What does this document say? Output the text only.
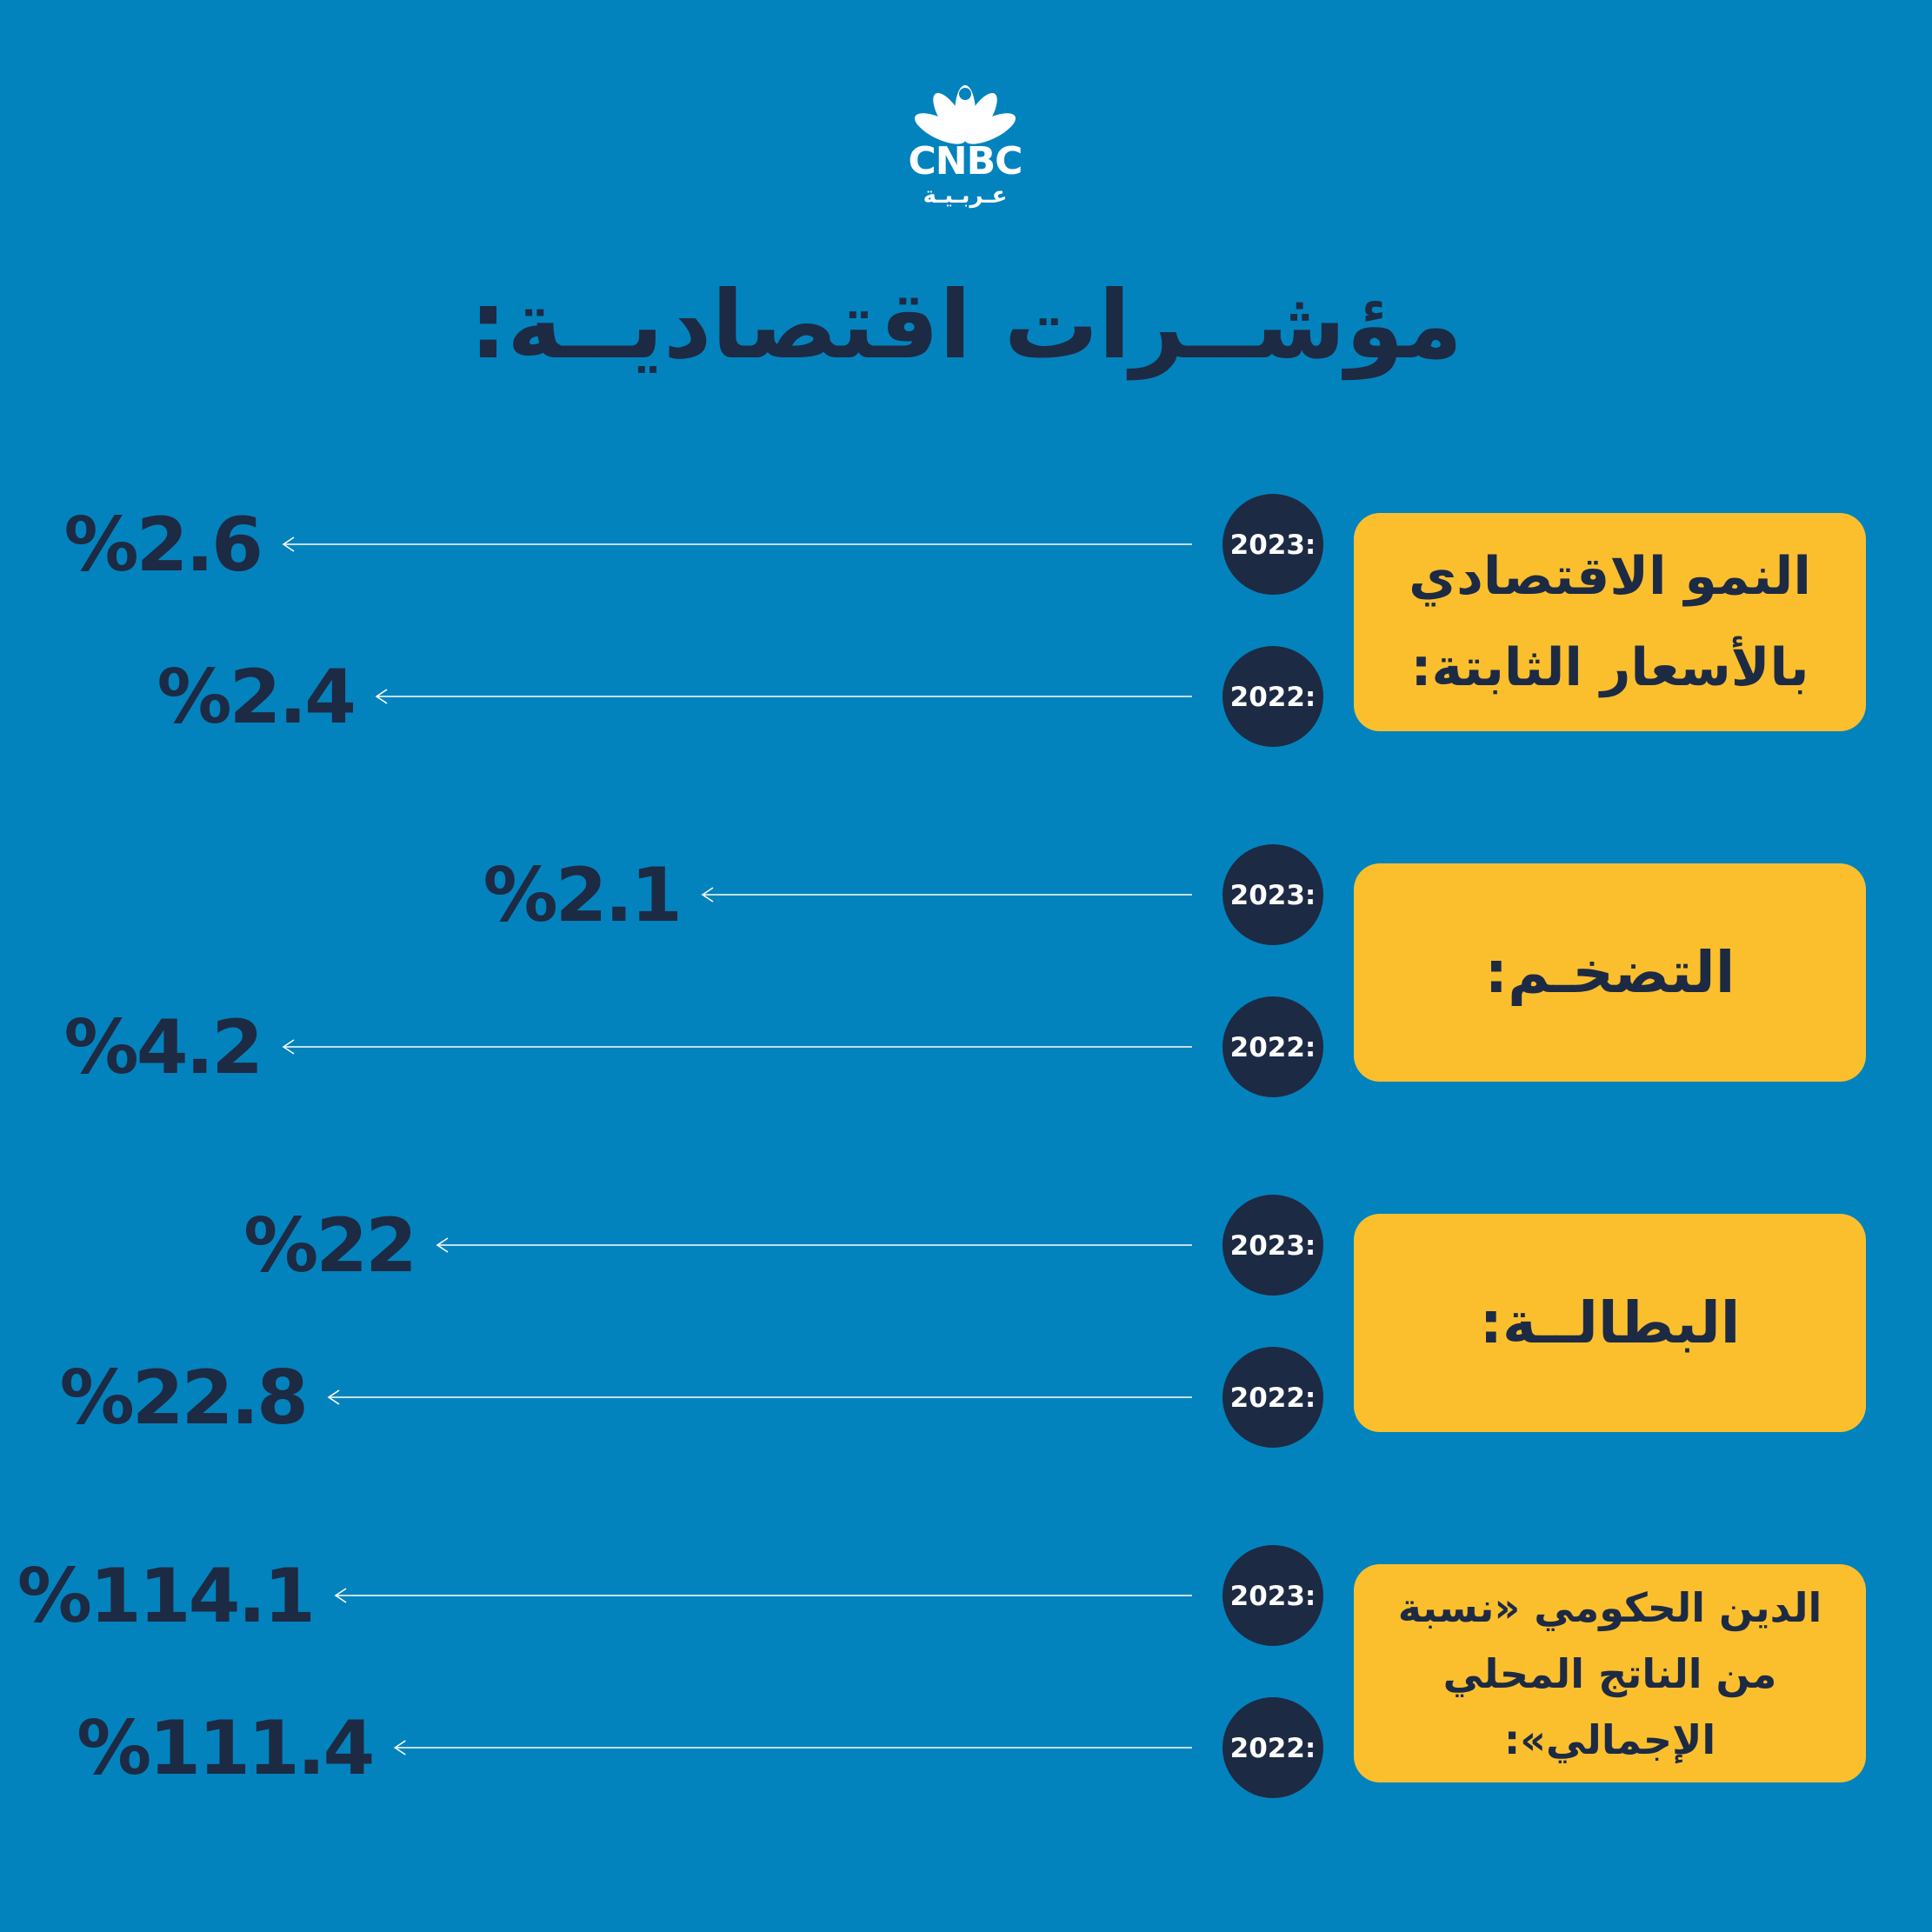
CNBC
عـربـيـة
مؤشــرات اقتصاديــة:
النمو الاقتصادي بالأسعار الثابتة:
التضخـم:
البطالــة:
الدين الحكومي «نسبة من الناتج المحلي الإجمالي»:
2023:
%2.6
2022:
%2.4
2023:
%2.1
2022:
%4.2
2023:
%22
2022:
%22.8
2023:
%114.1
2022:
%111.4
